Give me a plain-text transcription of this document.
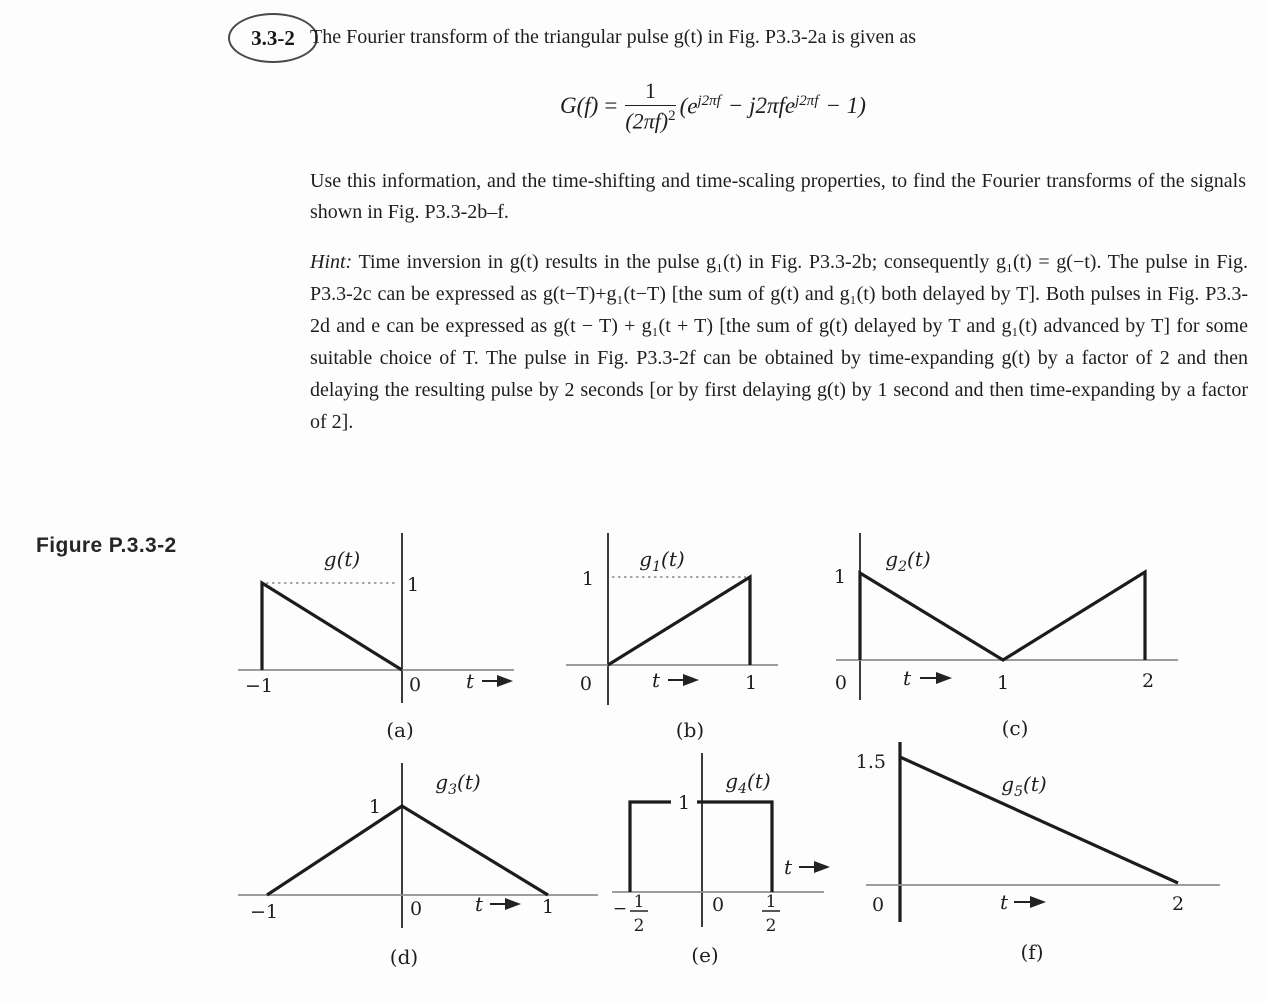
3.3-2 The Fourier transform of the triangular pulse g(t) in Fig. P3.3-2a is given as
$G(f) = \frac{1}{(2\pi f)^2} (e^{j2\pi f} - j2\pi fe^{j2\pi f} - 1)$
Use this information, and the time-shifting and time-scaling properties, to find the Fourier transforms of the signals shown in Fig. P3.3-2b–f.
Hint: Time inversion in g(t) results in the pulse g₁(t) in Fig. P3.3-2b; consequently g₁(t) = g(−t). The pulse in Fig. P3.3-2c can be expressed as g(t−T)+g₁(t−T) [the sum of g(t) and g₁(t) both delayed by T]. Both pulses in Fig. P3.3-2d and e can be expressed as g(t − T) + g₁(t + T) [the sum of g(t) delayed by T and g₁(t) advanced by T] for some suitable choice of T. The pulse in Fig. P3.3-2f can be obtained by time-expanding g(t) by a factor of 2 and then delaying the resulting pulse by 2 seconds [or by first delaying g(t) by 1 second and then time-expanding by a factor of 2].
Figure P.3.3-2
g(t)
1
−1	0 t
(a)
$g_1(t)$
1
0	1
t
(b)
$g_2(t)$
1
0	1	2
t
(c)
$g_3(t)$
1
−1	0	1
t
(d)
1
$g_4(t)$
t
− 1
2
0 1
2
(e)
1.5
$g_5(t)$
0	t	2
(f)
